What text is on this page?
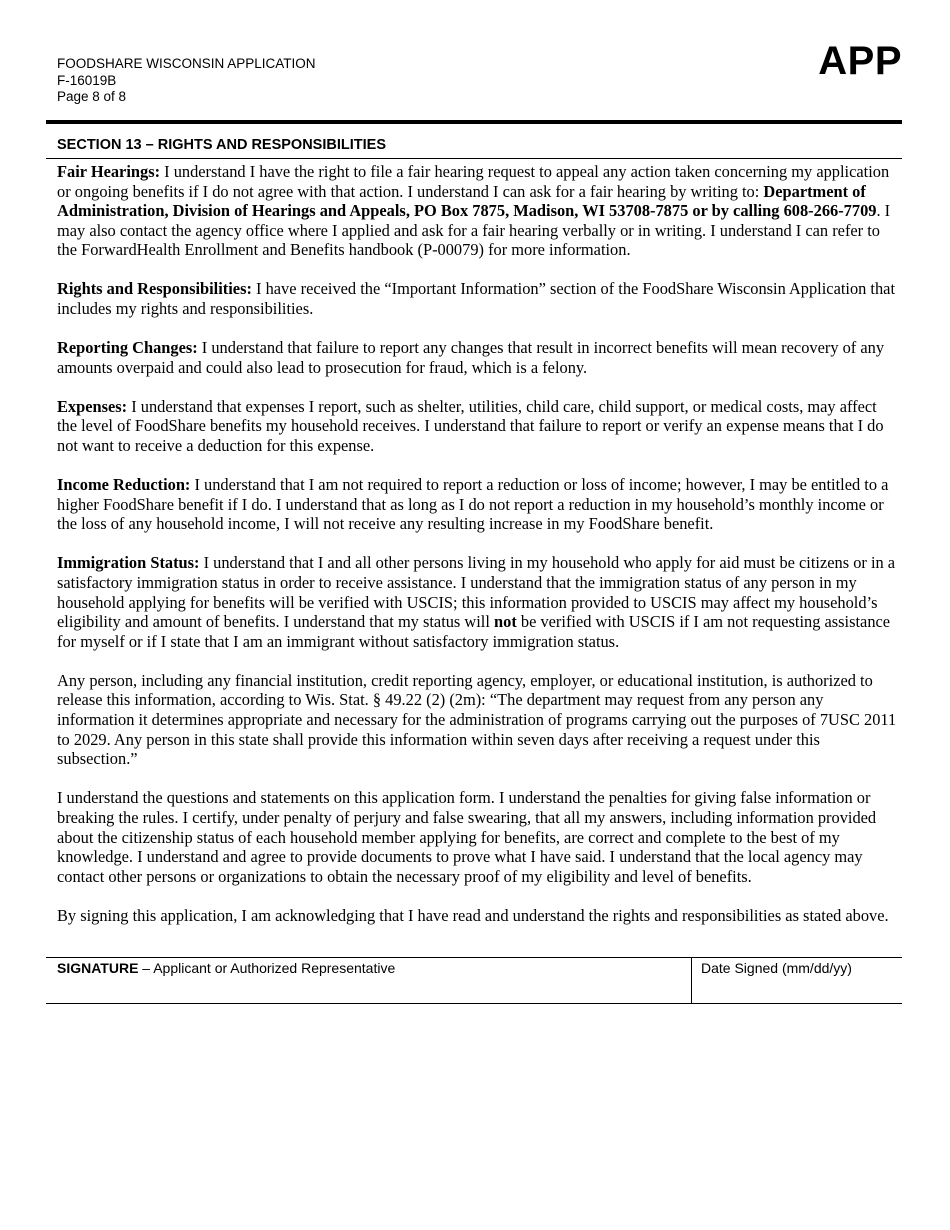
FOODSHARE WISCONSIN APPLICATION
F-16019B
Page 8 of 8
APP
SECTION 13 – RIGHTS AND RESPONSIBILITIES

Fair Hearings: I understand I have the right to file a fair hearing request to appeal any action taken concerning my application or ongoing benefits if I do not agree with that action. I understand I can ask for a fair hearing by writing to: Department of Administration, Division of Hearings and Appeals, PO Box 7875, Madison, WI 53708-7875 or by calling 608-266-7709. I may also contact the agency office where I applied and ask for a fair hearing verbally or in writing. I understand I can refer to the ForwardHealth Enrollment and Benefits handbook (P-00079) for more information.

Rights and Responsibilities: I have received the “Important Information” section of the FoodShare Wisconsin Application that includes my rights and responsibilities.

Reporting Changes: I understand that failure to report any changes that result in incorrect benefits will mean recovery of any amounts overpaid and could also lead to prosecution for fraud, which is a felony.

Expenses: I understand that expenses I report, such as shelter, utilities, child care, child support, or medical costs, may affect the level of FoodShare benefits my household receives. I understand that failure to report or verify an expense means that I do not want to receive a deduction for this expense.

Income Reduction: I understand that I am not required to report a reduction or loss of income; however, I may be entitled to a higher FoodShare benefit if I do. I understand that as long as I do not report a reduction in my household’s monthly income or the loss of any household income, I will not receive any resulting increase in my FoodShare benefit.

Immigration Status: I understand that I and all other persons living in my household who apply for aid must be citizens or in a satisfactory immigration status in order to receive assistance. I understand that the immigration status of any person in my household applying for benefits will be verified with USCIS; this information provided to USCIS may affect my household’s eligibility and amount of benefits. I understand that my status will not be verified with USCIS if I am not requesting assistance for myself or if I state that I am an immigrant without satisfactory immigration status.

Any person, including any financial institution, credit reporting agency, employer, or educational institution, is authorized to release this information, according to Wis. Stat. § 49.22 (2) (2m): “The department may request from any person any information it determines appropriate and necessary for the administration of programs carrying out the purposes of 7USC 2011 to 2029. Any person in this state shall provide this information within seven days after receiving a request under this subsection.”

I understand the questions and statements on this application form. I understand the penalties for giving false information or breaking the rules. I certify, under penalty of perjury and false swearing, that all my answers, including information provided about the citizenship status of each household member applying for benefits, are correct and complete to the best of my knowledge. I understand and agree to provide documents to prove what I have said. I understand that the local agency may contact other persons or organizations to obtain the necessary proof of my eligibility and level of benefits.

By signing this application, I am acknowledging that I have read and understand the rights and responsibilities as stated above.

SIGNATURE – Applicant or Authorized Representative	Date Signed (mm/dd/yy)
